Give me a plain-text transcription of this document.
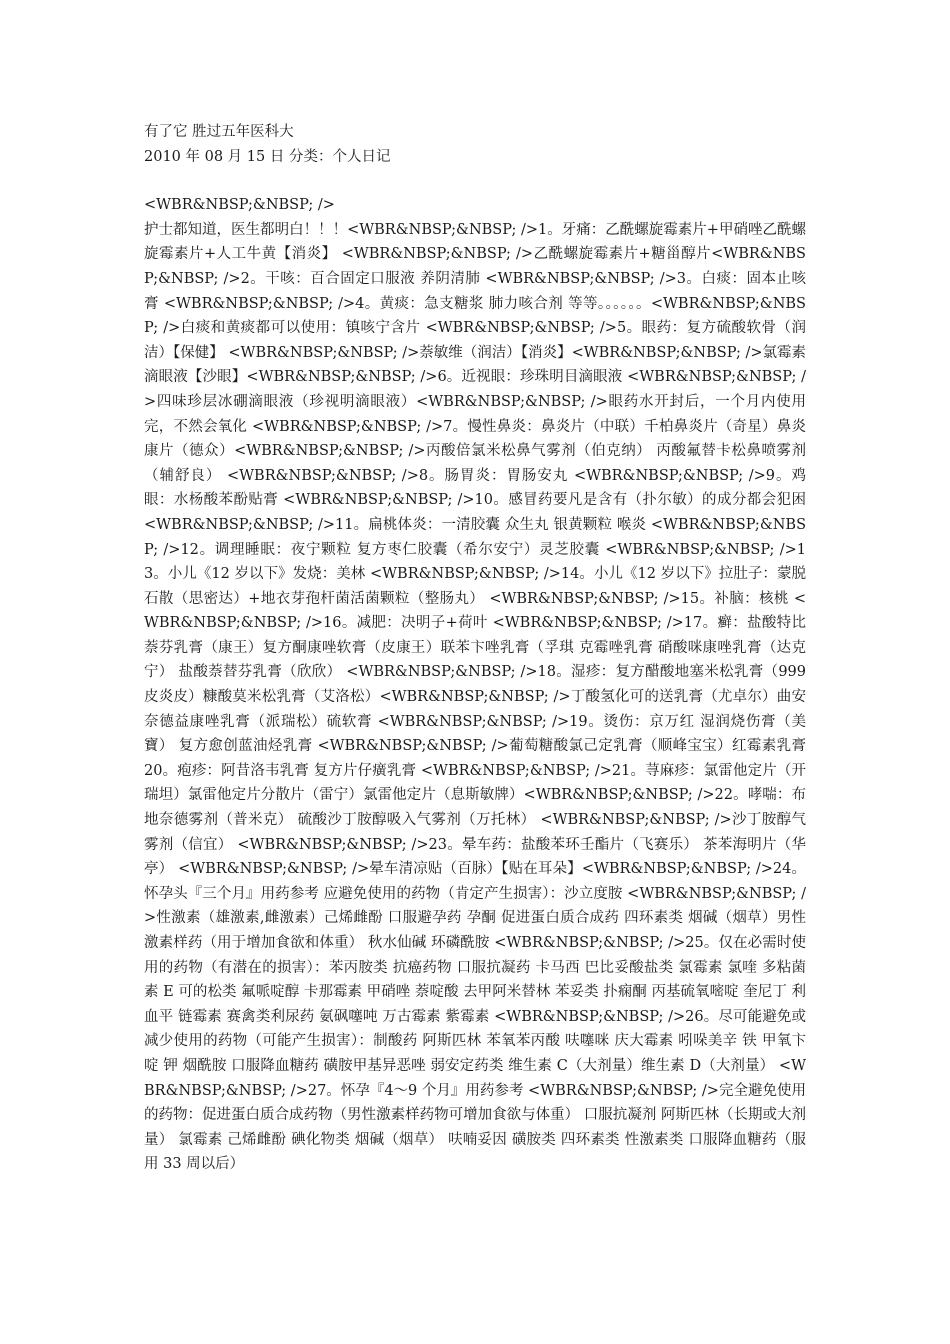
有了它 胜过五年医科大
2010 年 08 月 15 日 分类：个人日记
<WBR&NBSP;&NBSP; />
护士都知道，医生都明白！！！<WBR&NBSP;&NBSP; />1。牙痛：乙酰螺旋霉素片+甲硝唑乙酰螺旋霉素片+人工牛黄【消炎】 <WBR&NBSP;&NBSP; />乙酰螺旋霉素片+糖甾醇片<WBR&NBSP;&NBSP; />2。干咳：百合固定口服液 养阴清肺 <WBR&NBSP;&NBSP; />3。白痰：固本止咳膏 <WBR&NBSP;&NBSP; />4。黄痰：急支糖浆 肺力咳合剂 等等。。。。。。<WBR&NBSP;&NBSP; />白痰和黄痰都可以使用：镇咳宁含片 <WBR&NBSP;&NBSP; />5。眼药：复方硫酸软骨（润洁）【保健】 <WBR&NBSP;&NBSP; />萘敏维（润洁）【消炎】<WBR&NBSP;&NBSP; />氯霉素滴眼液【沙眼】<WBR&NBSP;&NBSP; />6。近视眼：珍珠明目滴眼液 <WBR&NBSP;&NBSP; />四味珍层冰硼滴眼液（珍视明滴眼液）<WBR&NBSP;&NBSP; />眼药水开封后，一个月内使用完，不然会氧化 <WBR&NBSP;&NBSP; />7。慢性鼻炎：鼻炎片（中联）千柏鼻炎片（奇星）鼻炎康片（德众）<WBR&NBSP;&NBSP; />丙酸倍氯米松鼻气雾剂（伯克纳） 丙酸氟替卡松鼻喷雾剂（辅舒良） <WBR&NBSP;&NBSP; />8。肠胃炎：胃肠安丸 <WBR&NBSP;&NBSP; />9。鸡眼：水杨酸苯酚贴膏 <WBR&NBSP;&NBSP; />10。感冒药要凡是含有（扑尔敏）的成分都会犯困 <WBR&NBSP;&NBSP; />11。扁桃体炎：一清胶囊 众生丸 银黄颗粒 喉炎 <WBR&NBSP;&NBSP; />12。调理睡眠：夜宁颗粒 复方枣仁胶囊（希尔安宁）灵芝胶囊 <WBR&NBSP;&NBSP; />13。小儿《12 岁以下》发烧：美林 <WBR&NBSP;&NBSP; />14。小儿《12 岁以下》拉肚子：蒙脱石散（思密达）+地衣芽孢杆菌活菌颗粒（整肠丸） <WBR&NBSP;&NBSP; />15。补脑：核桃 <WBR&NBSP;&NBSP; />16。减肥：决明子+荷叶 <WBR&NBSP;&NBSP; />17。癣：盐酸特比萘芬乳膏（康王）复方酮康唑软膏（皮康王）联苯卞唑乳膏（孚琪 克霉唑乳膏 硝酸咪康唑乳膏（达克宁） 盐酸萘替芬乳膏（欣欣） <WBR&NBSP;&NBSP; />18。湿疹：复方醋酸地塞米松乳膏（999 皮炎皮）糠酸莫米松乳膏（艾洛松）<WBR&NBSP;&NBSP; />丁酸氢化可的送乳膏（尤卓尔）曲安奈德益康唑乳膏（派瑞松）硫软膏 <WBR&NBSP;&NBSP; />19。烫伤：京万红 湿润烧伤膏（美寶） 复方愈创蓝油烃乳膏 <WBR&NBSP;&NBSP; />葡萄糖酸氯己定乳膏（顺峰宝宝）红霉素乳膏 20。疱疹：阿昔洛韦乳膏 复方片仔癀乳膏 <WBR&NBSP;&NBSP; />21。荨麻疹：氯雷他定片（开瑞坦）氯雷他定片分散片（雷宁）氯雷他定片（息斯敏牌）<WBR&NBSP;&NBSP; />22。哮喘：布地奈德雾剂（普米克） 硫酸沙丁胺醇吸入气雾剂（万托林） <WBR&NBSP;&NBSP; />沙丁胺醇气雾剂（信宜） <WBR&NBSP;&NBSP; />23。晕车药：盐酸苯环壬酯片（飞赛乐） 茶苯海明片（华亭） <WBR&NBSP;&NBSP; />晕车清凉贴（百脉）【贴在耳朵】<WBR&NBSP;&NBSP; />24。怀孕头『三个月』用药参考 应避免使用的药物（肯定产生损害）：沙立度胺 <WBR&NBSP;&NBSP; />性激素（雄激素,雌激素）己烯雌酚 口服避孕药 孕酮 促进蛋白质合成药 四环素类 烟碱（烟草）男性激素样药（用于增加食欲和体重） 秋水仙碱 环磷酰胺 <WBR&NBSP;&NBSP; />25。仅在必需时使用的药物（有潜在的损害）：苯丙胺类 抗癌药物 口服抗凝药 卡马西 巴比妥酸盐类 氯霉素 氯喹 多粘菌素 E 可的松类 氟哌啶醇 卡那霉素 甲硝唑 萘啶酸 去甲阿米替林 苯妥类 扑痫酮 丙基硫氧嘧啶 奎尼丁 利血平 链霉素 赛禽类利尿药 氨砜噻吨 万古霉素 紫霉素 <WBR&NBSP;&NBSP; />26。尽可能避免或减少使用的药物（可能产生损害）：制酸药 阿斯匹林 苯氧苯丙酸 呋噻咪 庆大霉素 吲哚美辛 铁 甲氧卞啶 钾 烟酰胺 口服降血糖药 磺胺甲基异恶唑 弱安定药类 维生素 C（大剂量）维生素 D（大剂量） <WBR&NBSP;&NBSP; />27。怀孕『4～9 个月』用药参考 <WBR&NBSP;&NBSP; />完全避免使用的药物：促进蛋白质合成药物（男性激素样药物可增加食欲与体重） 口服抗凝剂 阿斯匹林（长期或大剂量） 氯霉素 己烯雌酚 碘化物类 烟碱（烟草） 呋喃妥因 磺胺类 四环素类 性激素类 口服降血糖药（服用 33 周以后）
